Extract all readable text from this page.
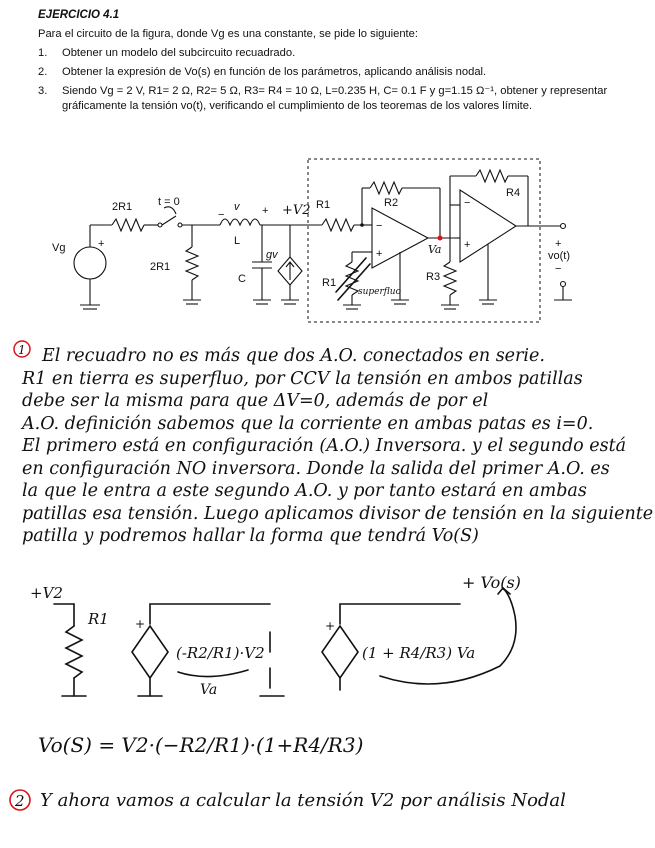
EJERCICIO 4.1

Para el circuito de la figura, donde Vg es una constante, se pide lo siguiente:

1.	Obtener un modelo del subcircuito recuadrado.
2.	Obtener la expresión de Vo(s) en función de los parámetros, aplicando análisis nodal.
3.	Siendo Vg = 2 V, R1= 2 Ω, R2= 5 Ω, R3= R4 = 10 Ω, L=0.235 H, C= 0.1 F y g=1.15 Ω⁻¹, obtener y representar gráficamente la tensión vo(t), verificando el cumplimiento de los teoremas de los valores límite.
+
Vg
2R1 t = 0
2R1
−
v +
L
C
gv
+V2 R1	R2
−
+	Va
R1
superfluo
−
+	+
−
vo(t)
R4
R3
1
+V2
R1 +
(-R2/R1)·V2
Va
+
(1 + R4/R3) Va
+ Vo(s)
Vo(S) = V2·(−R2/R1)·(1+R4/R3)
2 Y ahora vamos a calcular la tensión V2 por análisis Nodal
El recuadro no es más que dos A.O. conectados en serie.
R1 en tierra es superfluo, por CCV la tensión en ambos patillas
debe ser la misma para que ΔV=0, además de por el
A.O. definición sabemos que la corriente en ambas patas es i=0.
El primero está en configuración (A.O.) Inversora. y el segundo está
en configuración NO inversora. Donde la salida del primer A.O. es
la que le entra a este segundo A.O. y por tanto estará en ambas
patillas esa tensión. Luego aplicamos divisor de tensión en la siguiente
patilla y podremos hallar la forma que tendrá Vo(S)
